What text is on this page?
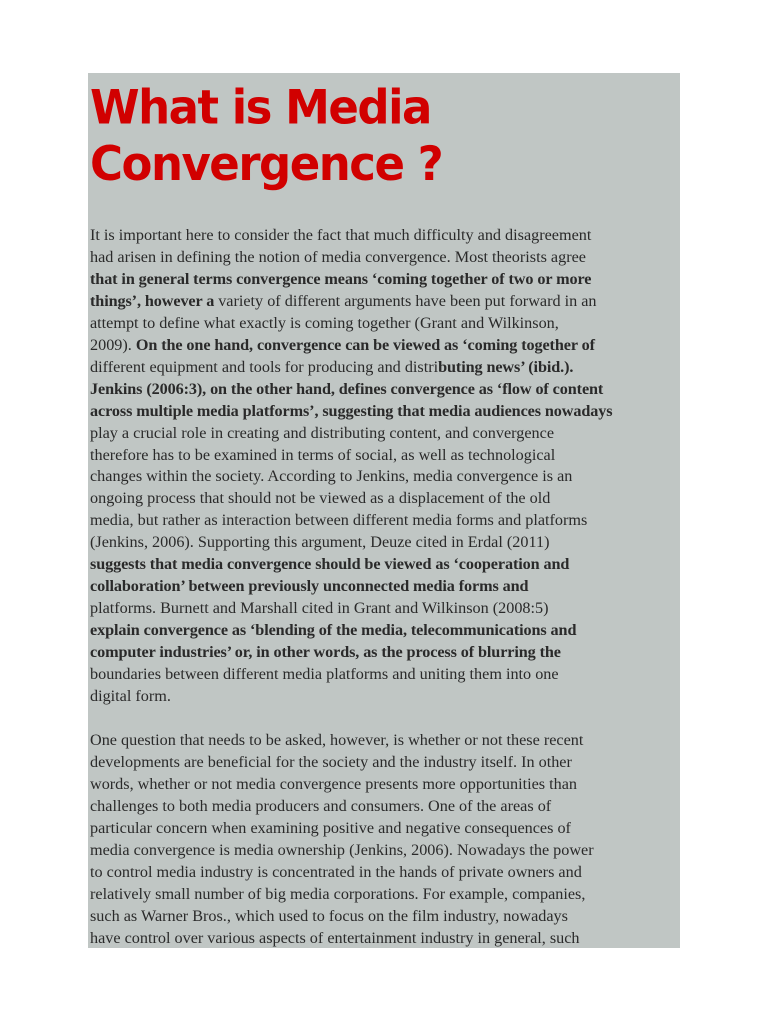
What is Media
Convergence ?

It is important here to consider the fact that much difficulty and disagreement
had arisen in defining the notion of media convergence. Most theorists agree
that in general terms convergence means ‘coming together of two or more
things’, however a variety of different arguments have been put forward in an
attempt to define what exactly is coming together (Grant and Wilkinson,
2009). On the one hand, convergence can be viewed as ‘coming together of
different equipment and tools for producing and distributing news’ (ibid.).
Jenkins (2006:3), on the other hand, defines convergence as ‘flow of content
across multiple media platforms’, suggesting that media audiences nowadays
play a crucial role in creating and distributing content, and convergence
therefore has to be examined in terms of social, as well as technological
changes within the society. According to Jenkins, media convergence is an
ongoing process that should not be viewed as a displacement of the old
media, but rather as interaction between different media forms and platforms
(Jenkins, 2006). Supporting this argument, Deuze cited in Erdal (2011)
suggests that media convergence should be viewed as ‘cooperation and
collaboration’ between previously unconnected media forms and
platforms. Burnett and Marshall cited in Grant and Wilkinson (2008:5)
explain convergence as ‘blending of the media, telecommunications and
computer industries’ or, in other words, as the process of blurring the
boundaries between different media platforms and uniting them into one
digital form.

One question that needs to be asked, however, is whether or not these recent
developments are beneficial for the society and the industry itself. In other
words, whether or not media convergence presents more opportunities than
challenges to both media producers and consumers. One of the areas of
particular concern when examining positive and negative consequences of
media convergence is media ownership (Jenkins, 2006). Nowadays the power
to control media industry is concentrated in the hands of private owners and
relatively small number of big media corporations. For example, companies,
such as Warner Bros., which used to focus on the film industry, nowadays
have control over various aspects of entertainment industry in general, such
